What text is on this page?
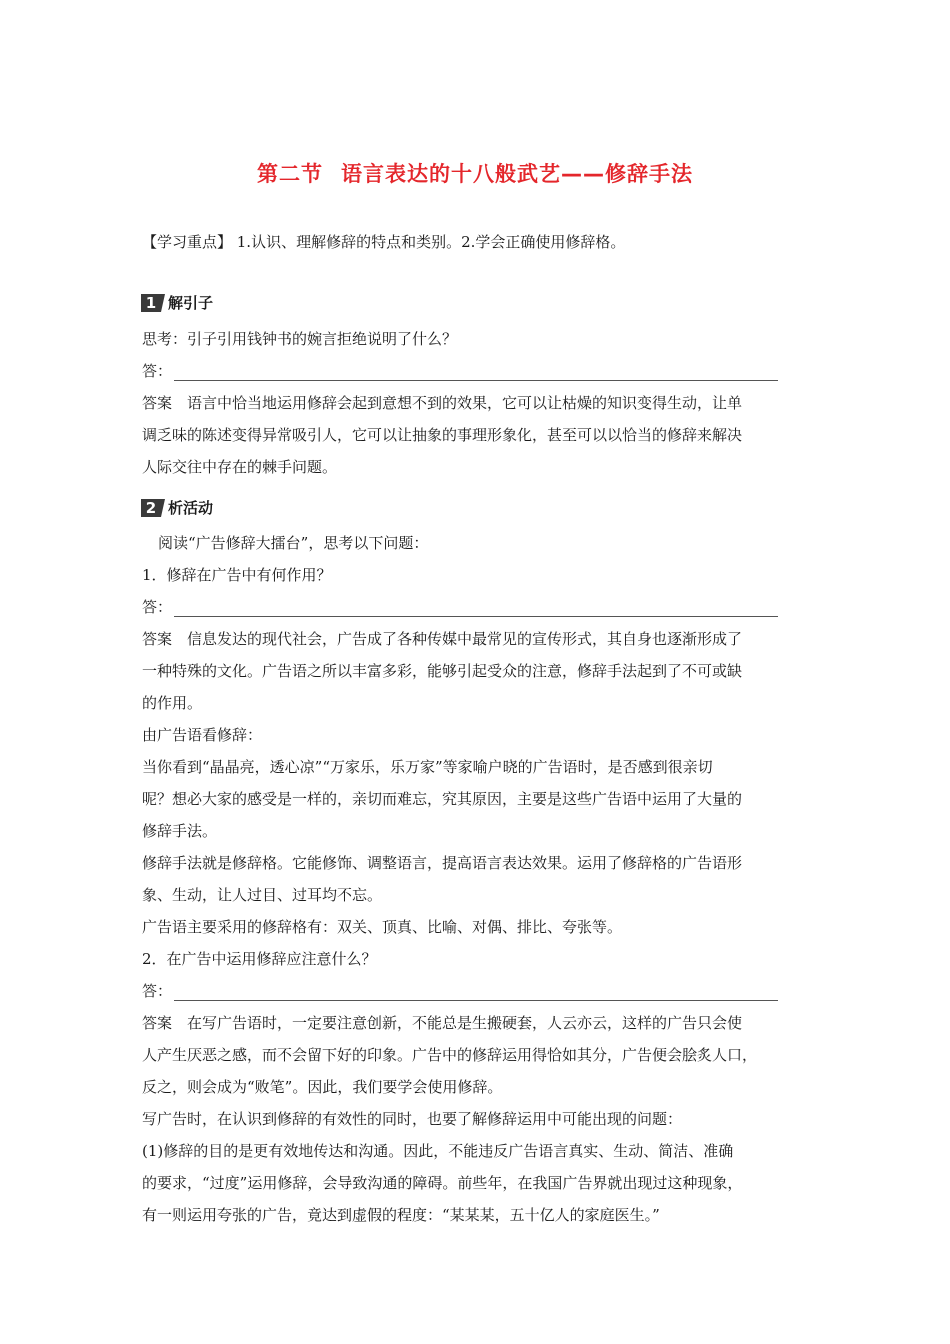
第二节 语言表达的十八般武艺——修辞手法
【学习重点】 1.认识、理解修辞的特点和类别。2.学会正确使用修辞格。
1 解引子
思考：引子引用钱钟书的婉言拒绝说明了什么？
答：
答案　语言中恰当地运用修辞会起到意想不到的效果，它可以让枯燥的知识变得生动，让单
调乏味的陈述变得异常吸引人，它可以让抽象的事理形象化，甚至可以以恰当的修辞来解决
人际交往中存在的棘手问题。
2 析活动
阅读“广告修辞大擂台”，思考以下问题：
1．修辞在广告中有何作用？
答：
答案　信息发达的现代社会，广告成了各种传媒中最常见的宣传形式，其自身也逐渐形成了
一种特殊的文化。广告语之所以丰富多彩，能够引起受众的注意，修辞手法起到了不可或缺
的作用。
由广告语看修辞：
当你看到“晶晶亮，透心凉”“万家乐，乐万家”等家喻户晓的广告语时，是否感到很亲切
呢？想必大家的感受是一样的，亲切而难忘，究其原因，主要是这些广告语中运用了大量的
修辞手法。
修辞手法就是修辞格。它能修饰、调整语言，提高语言表达效果。运用了修辞格的广告语形
象、生动，让人过目、过耳均不忘。
广告语主要采用的修辞格有：双关、顶真、比喻、对偶、排比、夸张等。
2．在广告中运用修辞应注意什么？
答：
答案　在写广告语时，一定要注意创新，不能总是生搬硬套，人云亦云，这样的广告只会使
人产生厌恶之感，而不会留下好的印象。广告中的修辞运用得恰如其分，广告便会脍炙人口，
反之，则会成为“败笔”。因此，我们要学会使用修辞。
写广告时，在认识到修辞的有效性的同时，也要了解修辞运用中可能出现的问题：
(1)修辞的目的是更有效地传达和沟通。因此，不能违反广告语言真实、生动、简洁、准确
的要求，“过度”运用修辞，会导致沟通的障碍。前些年，在我国广告界就出现过这种现象，
有一则运用夸张的广告，竟达到虚假的程度：“某某某，五十亿人的家庭医生。”
